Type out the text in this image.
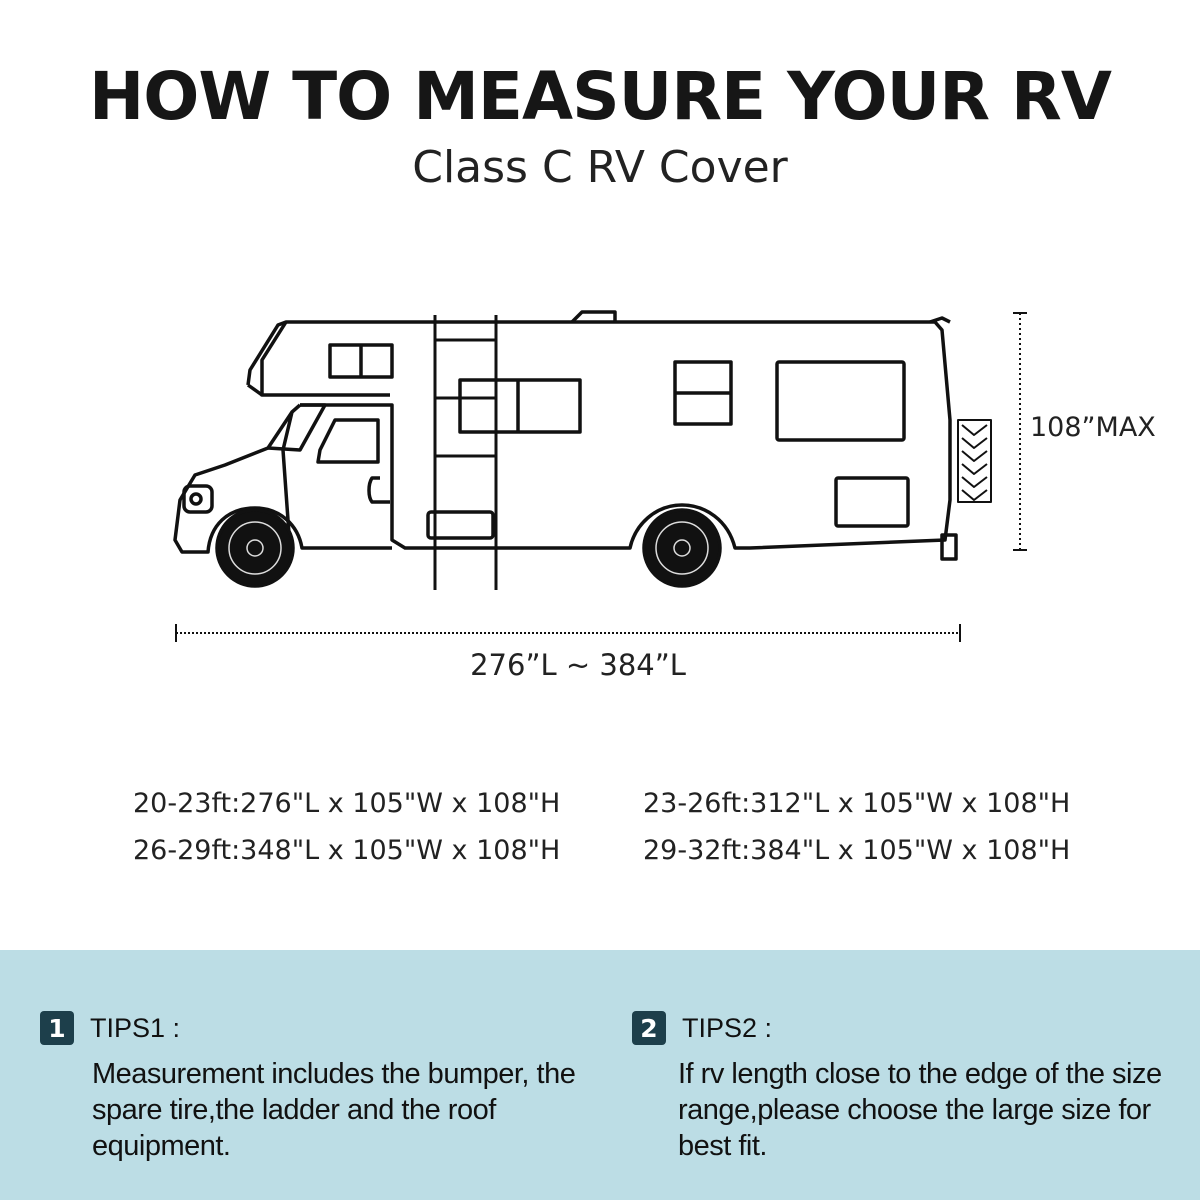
HOW TO MEASURE YOUR RV
Class C RV Cover
108”MAX
276”L ~ 384”L
20-23ft:276"L x 105"W x 108"H
26-29ft:348"L x 105"W x 108"H
23-26ft:312"L x 105"W x 108"H
29-32ft:384"L x 105"W x 108"H
1 TIPS1 :
Measurement includes the bumper, the spare tire,the ladder and the roof equipment.
2 TIPS2 :
If rv length close to the edge of the size range,please choose the large size for best fit.
